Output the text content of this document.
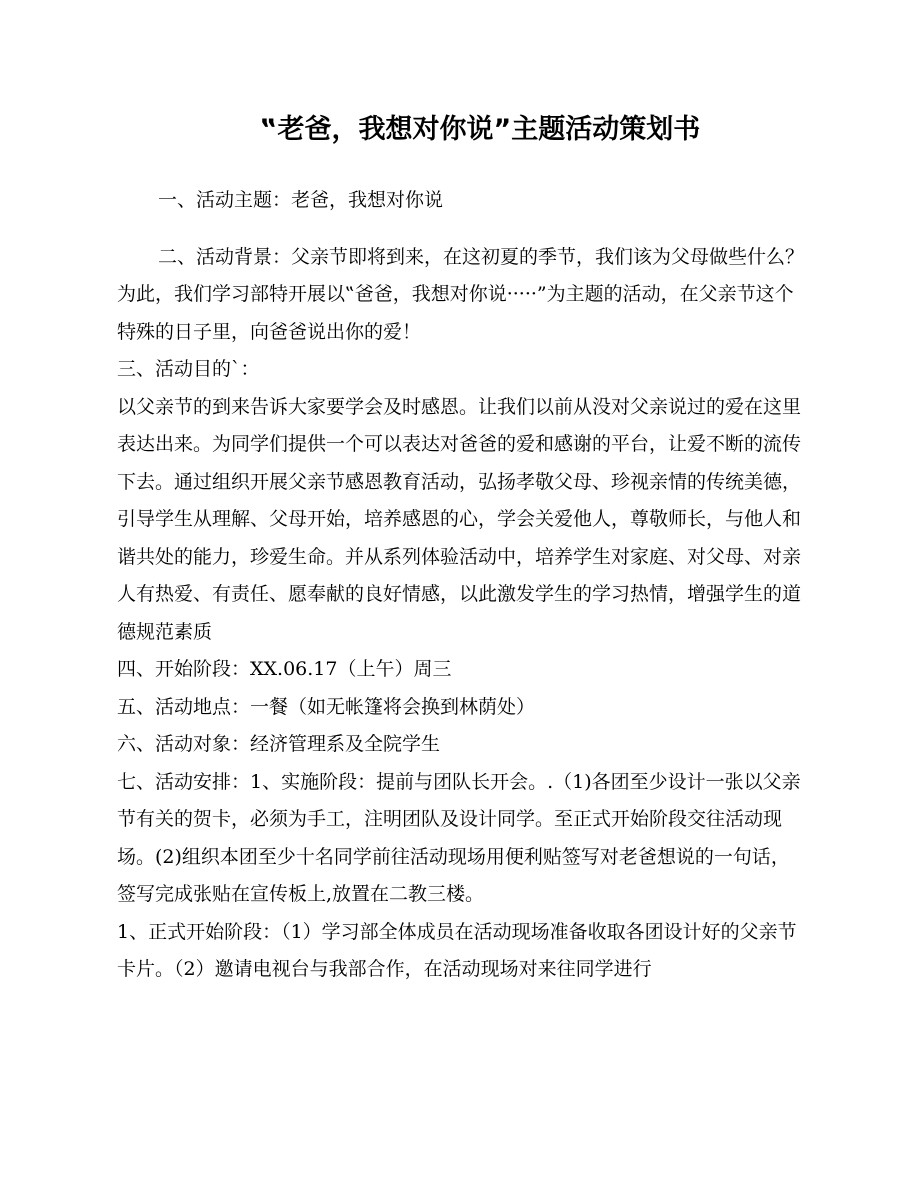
‟老爸，我想对你说”主题活动策划书

一、活动主题：老爸，我想对你说

二、活动背景：父亲节即将到来，在这初夏的季节，我们该为父母做些什么？为此，我们学习部特开展以‟爸爸，我想对你说·····”为主题的活动，在父亲节这个特殊的日子里，向爸爸说出你的爱！

三、活动目的`：

以父亲节的到来告诉大家要学会及时感恩。让我们以前从没对父亲说过的爱在这里表达出来。为同学们提供一个可以表达对爸爸的爱和感谢的平台，让爱不断的流传下去。通过组织开展父亲节感恩教育活动，弘扬孝敬父母、珍视亲情的传统美德，引导学生从理解、父母开始，培养感恩的心，学会关爱他人，尊敬师长，与他人和谐共处的能力，珍爱生命。并从系列体验活动中，培养学生对家庭、对父母、对亲人有热爱、有责任、愿奉献的良好情感，以此激发学生的学习热情，增强学生的道德规范素质

四、开始阶段：XX.06.17（上午）周三

五、活动地点：一餐（如无帐篷将会换到林荫处）

六、活动对象：经济管理系及全院学生

七、活动安排：1、实施阶段：提前与团队长开会。.（1)各团至少设计一张以父亲节有关的贺卡，必须为手工，注明团队及设计同学。至正式开始阶段交往活动现场。(2)组织本团至少十名同学前往活动现场用便利贴签写对老爸想说的一句话，签写完成张贴在宣传板上,放置在二教三楼。

1、正式开始阶段：（1）学习部全体成员在活动现场准备收取各团设计好的父亲节卡片。（2）邀请电视台与我部合作，在活动现场对来往同学进行
